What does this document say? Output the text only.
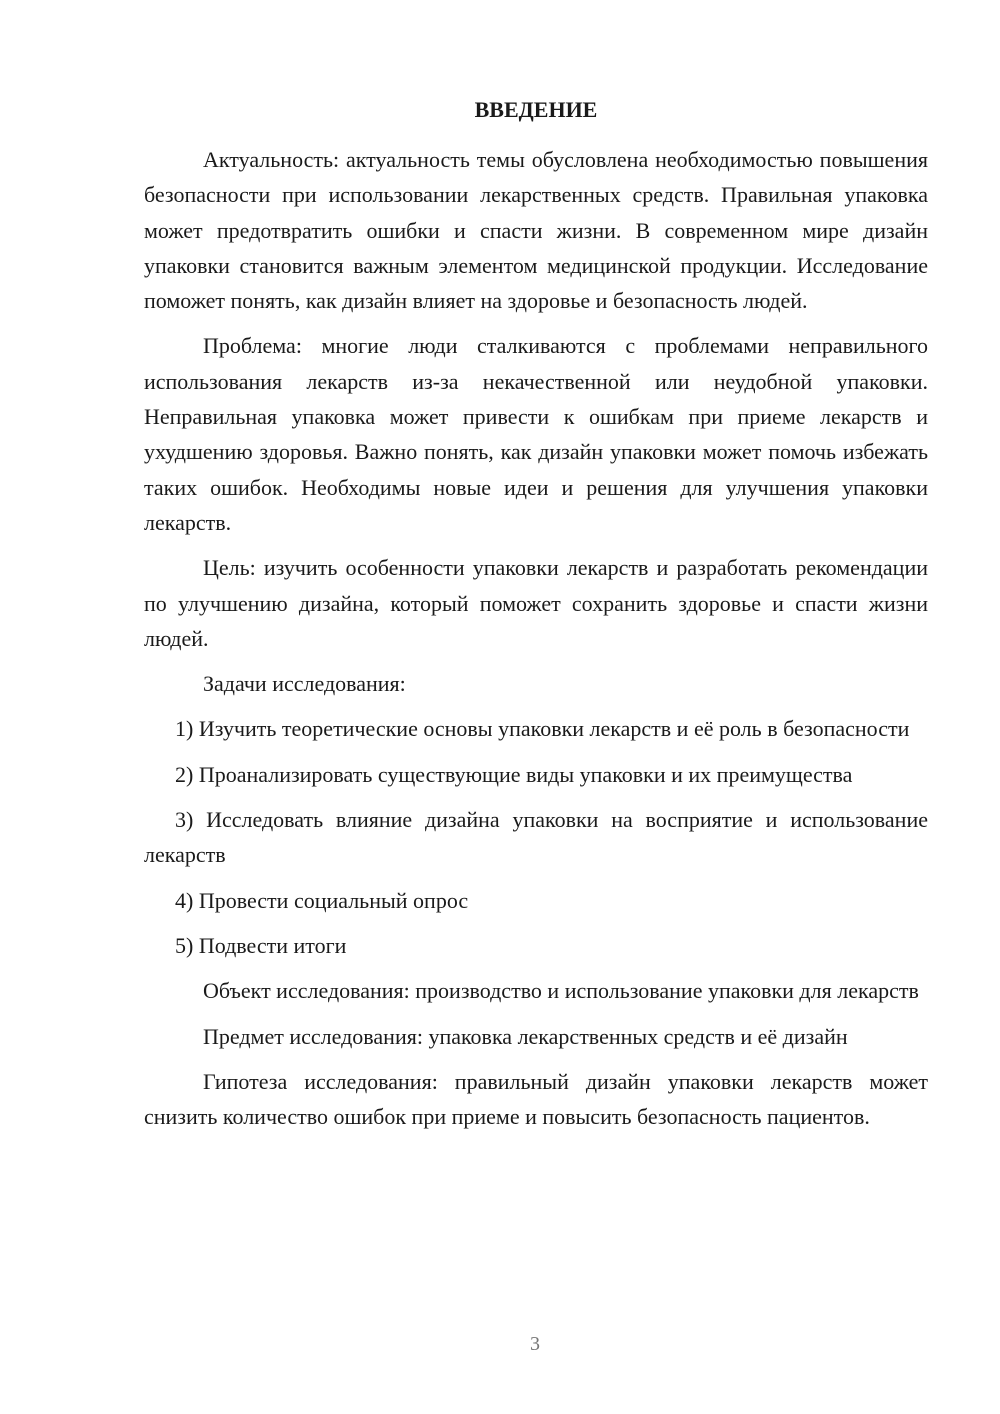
ВВЕДЕНИЕ

Актуальность: актуальность темы обусловлена необходимостью повышения безопасности при использовании лекарственных средств. Правильная упаковка может предотвратить ошибки и спасти жизни. В современном мире дизайн упаковки становится важным элементом медицинской продукции. Исследование поможет понять, как дизайн влияет на здоровье и безопасность людей.

Проблема: многие люди сталкиваются с проблемами неправильного использования лекарств из-за некачественной или неудобной упаковки. Неправильная упаковка может привести к ошибкам при приеме лекарств и ухудшению здоровья. Важно понять, как дизайн упаковки может помочь избежать таких ошибок. Необходимы новые идеи и решения для улучшения упаковки лекарств.

Цель: изучить особенности упаковки лекарств и разработать рекомендации по улучшению дизайна, который поможет сохранить здоровье и спасти жизни людей.

Задачи исследования:

1) Изучить теоретические основы упаковки лекарств и её роль в безопасности

2) Проанализировать существующие виды упаковки и их преимущества

3) Исследовать влияние дизайна упаковки на восприятие и использование лекарств

4) Провести социальный опрос

5) Подвести итоги

Объект исследования: производство и использование упаковки для лекарств

Предмет исследования: упаковка лекарственных средств и её дизайн

Гипотеза исследования: правильный дизайн упаковки лекарств может снизить количество ошибок при приеме и повысить безопасность пациентов.

3
